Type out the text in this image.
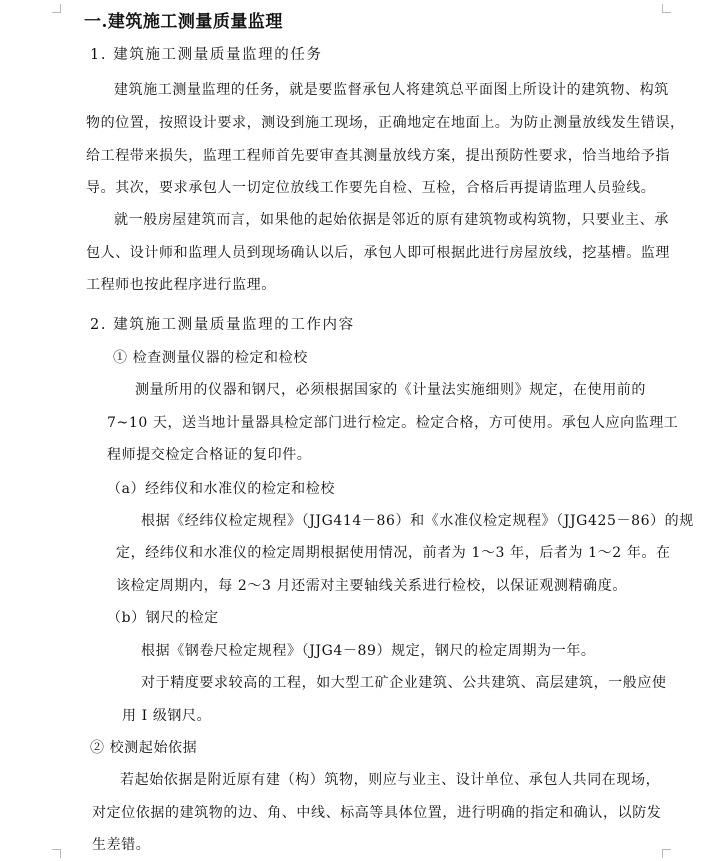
一.建筑施工测量质量监理
1. 建筑施工测量质量监理的任务
建筑施工测量监理的任务，就是要监督承包人将建筑总平面图上所设计的建筑物、构筑
物的位置，按照设计要求，测设到施工现场，正确地定在地面上。为防止测量放线发生错误，
给工程带来损失，监理工程师首先要审查其测量放线方案，提出预防性要求，恰当地给予指
导。其次，要求承包人一切定位放线工作要先自检、互检，合格后再提请监理人员验线。
就一般房屋建筑而言，如果他的起始依据是邻近的原有建筑物或构筑物，只要业主、承
包人、设计师和监理人员到现场确认以后，承包人即可根据此进行房屋放线，挖基槽。监理
工程师也按此程序进行监理。
2. 建筑施工测量质量监理的工作内容
① 检查测量仪器的检定和检校
测量所用的仪器和钢尺，必须根据国家的《计量法实施细则》规定，在使用前的
7~10 天，送当地计量器具检定部门进行检定。检定合格，方可使用。承包人应向监理工
程师提交检定合格证的复印件。
（a）经纬仪和水准仪的检定和检校
根据《经纬仪检定规程》（JJG414－86）和《水准仪检定规程》（JJG425－86）的规
定，经纬仪和水准仪的检定周期根据使用情况，前者为 1～3 年，后者为 1～2 年。在
该检定周期内，每 2～3 月还需对主要轴线关系进行检校，以保证观测精确度。
（b）钢尺的检定
根据《钢卷尺检定规程》（JJG4－89）规定，钢尺的检定周期为一年。
对于精度要求较高的工程，如大型工矿企业建筑、公共建筑、高层建筑，一般应使
用 I 级钢尺。
② 校测起始依据
若起始依据是附近原有建（构）筑物，则应与业主、设计单位、承包人共同在现场，
对定位依据的建筑物的边、角、中线、标高等具体位置，进行明确的指定和确认，以防发
生差错。
